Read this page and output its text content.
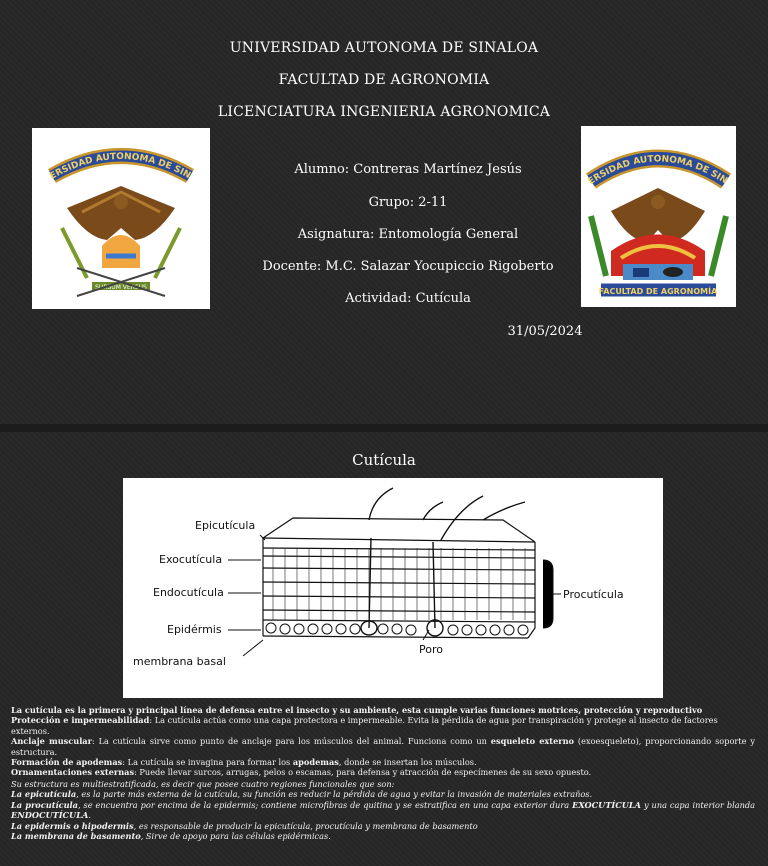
UNIVERSIDAD AUTONOMA DE SINALOA
FACULTAD DE AGRONOMIA
LICENCIATURA INGENIERIA AGRONOMICA
Alumno: Contreras Martínez Jesús
Grupo: 2-11
Asignatura: Entomología General
Docente: M.C. Salazar Yocupiccio Rigoberto
Actividad: Cutícula
31/05/2024
ERSIDAD AUTONOMA DE SIN
SURSUM VERSUS
ERSIDAD AUTONOMA DE SIN
FACULTAD DE AGRONOMÍA
Cutícula
Epicutícula
Exocutícula
Endocutícula
Epidérmis
membrana basal
Poro
Procutícula
La cutícula es la primera y principal línea de defensa entre el insecto y su ambiente, esta cumple varias funciones motrices, protección y reproductivo
Protección e impermeabilidad: La cutícula actúa como una capa protectora e impermeable. Evita la pérdida de agua por transpiración y protege al insecto de factores externos.
Anclaje muscular: La cutícula sirve como punto de anclaje para los músculos del animal. Funciona como un esqueleto externo (exoesqueleto), proporcionando soporte y estructura.
Formación de apodemas: La cutícula se invagina para formar los apodemas, donde se insertan los músculos.
Ornamentaciones externas: Puede llevar surcos, arrugas, pelos o escamas, para defensa y atracción de especímenes de su sexo opuesto.
Su estructura es multiestratificada, es decir que posee cuatro regiones funcionales que son:
La epicutícula, es la parte más externa de la cutícula, su función es reducir la pérdida de agua y evitar la invasión de materiales extraños.
La procutícula, se encuentra por encima de la epidermis; contiene microfibras de quitina y se estratifica en una capa exterior dura EXOCUTÍCULA y una capa interior blanda ENDOCUTÍCULA.
La epidermis o hipodermis, es responsable de producir la epicutícula, procutícula y membrana de basamento
La membrana de basamento, Sirve de apoyo para las células epidérmicas.
